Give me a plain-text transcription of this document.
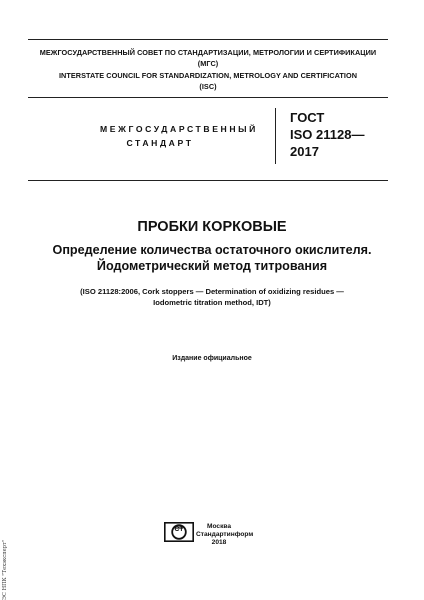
МЕЖГОСУДАРСТВЕННЫЙ СОВЕТ ПО СТАНДАРТИЗАЦИИ, МЕТРОЛОГИИ И СЕРТИФИКАЦИИ
(МГС)
INTERSTATE COUNCIL FOR STANDARDIZATION, METROLOGY AND CERTIFICATION
(ISC)
МЕЖГОСУДАРСТВЕННЫЙ
СТАНДАРТ
ГОСТ
ISO 21128—
2017
ПРОБКИ КОРКОВЫЕ
Определение количества остаточного окислителя.
Йодометрический метод титрования
(ISO 21128:2006, Cork stoppers — Determination of oxidizing residues —
Iodometric titration method, IDT)
Издание официальное
СТ	Москва
Стандартинформ
2018
ЭС НПК "Техэксперт"
